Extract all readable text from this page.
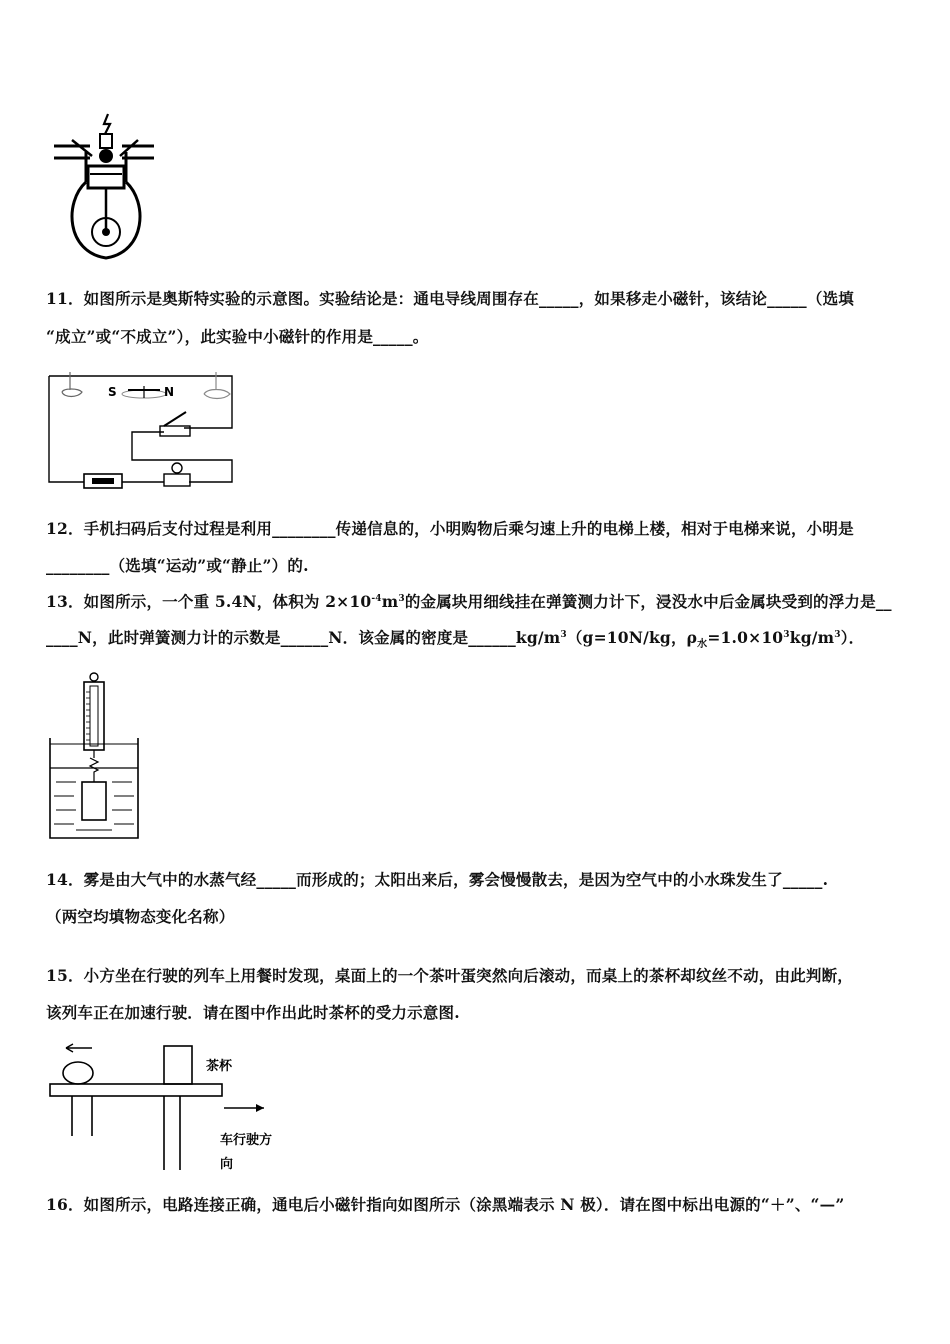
11．如图所示是奥斯特实验的示意图。实验结论是：通电导线周围存在_____，如果移走小磁针，该结论_____（选填
“成立”或“不成立”），此实验中小磁针的作用是_____。
S	N
12．手机扫码后支付过程是利用________传递信息的，小明购物后乘匀速上升的电梯上楼，相对于电梯来说，小明是
________（选填“运动”或“静止”）的.
13．如图所示，一个重 5.4N，体积为 $2\times 10^{-4}m^3$的金属块用细线挂在弹簧测力计下，浸没水中后金属块受到的浮力是__
____N，此时弹簧测力计的示数是______N．该金属的密度是$\_\_\_\_\_\_kg/m^3(g=10N/kg$，$\rho_水=1.0\times 10^3kg/m^3$）．
14．雾是由大气中的水蒸气经_____而形成的；太阳出来后，雾会慢慢散去，是因为空气中的小水珠发生了_____.
（两空均填物态变化名称）
15．小方坐在行驶的列车上用餐时发现，桌面上的一个茶叶蛋突然向后滚动，而桌上的茶杯却纹丝不动，由此判断，
该列车正在加速行驶．请在图中作出此时茶杯的受力示意图.
茶杯
车行驶方
向
16．如图所示，电路连接正确，通电后小磁针指向如图所示（涂黑端表示 N 极）．请在图中标出电源的“＋”、“—”
